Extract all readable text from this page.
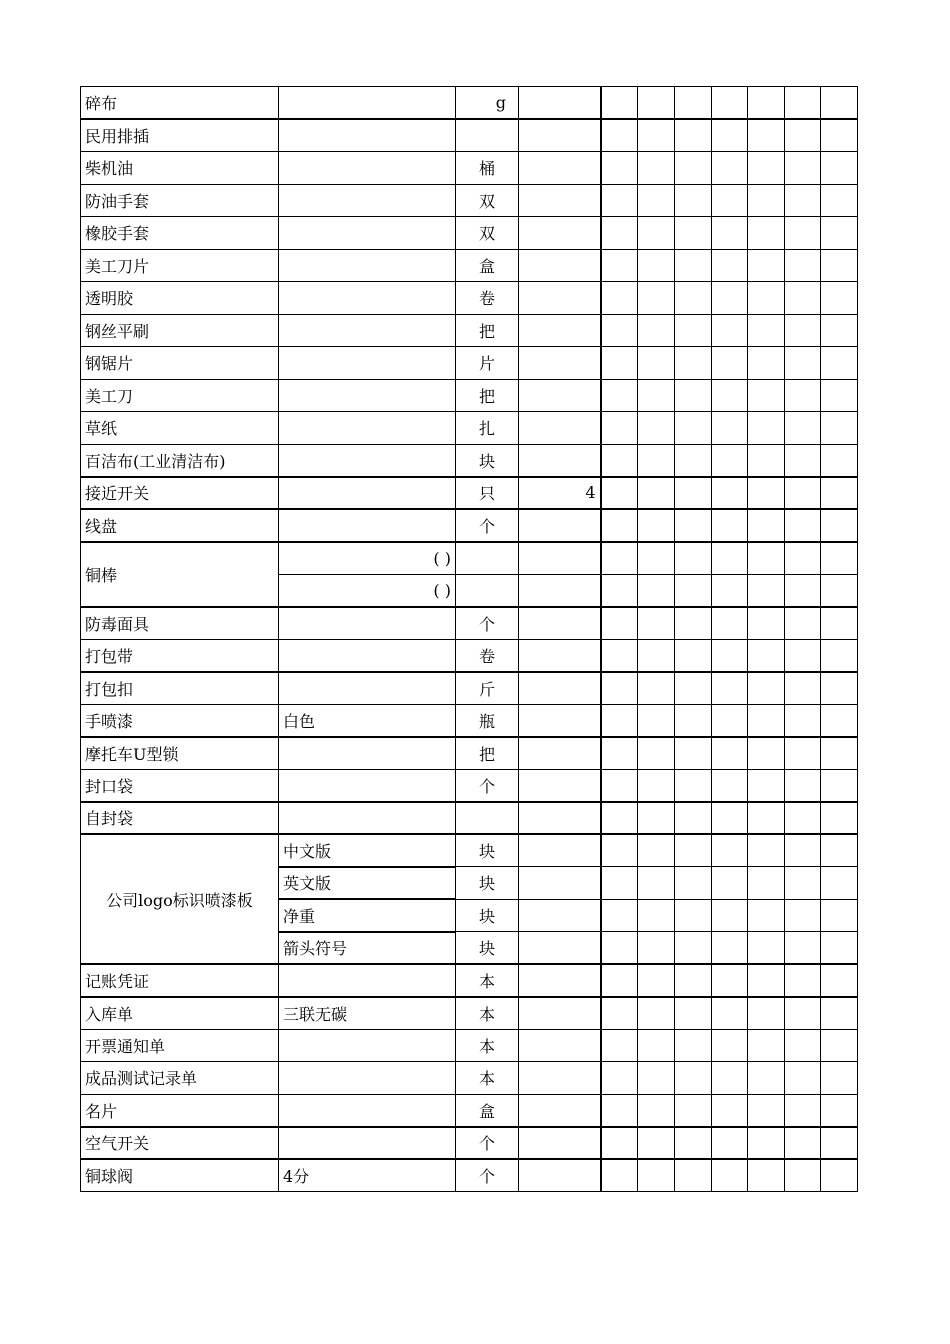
碎布		g								
民用排插										
柴机油		桶								
防油手套		双								
橡胶手套		双								
美工刀片		盒								
透明胶		卷								
钢丝平刷		把								
钢锯片		片								
美工刀		把								
草纸		扎								
百洁布(工业清洁布)		块								
接近开关		只	4							
线盘		个								
铜棒	( )									
	( )									
防毒面具		个								
打包带		卷								
打包扣		斤								
手喷漆	白色	瓶								
摩托车U型锁		把								
封口袋		个								
自封袋										
公司logo标识喷漆板	中文版	块								
	英文版	块								
	净重	块								
	箭头符号	块								
记账凭证		本								
入库单	三联无碳	本								
开票通知单		本								
成品测试记录单		本								
名片		盒								
空气开关		个								
铜球阀	4分	个								
